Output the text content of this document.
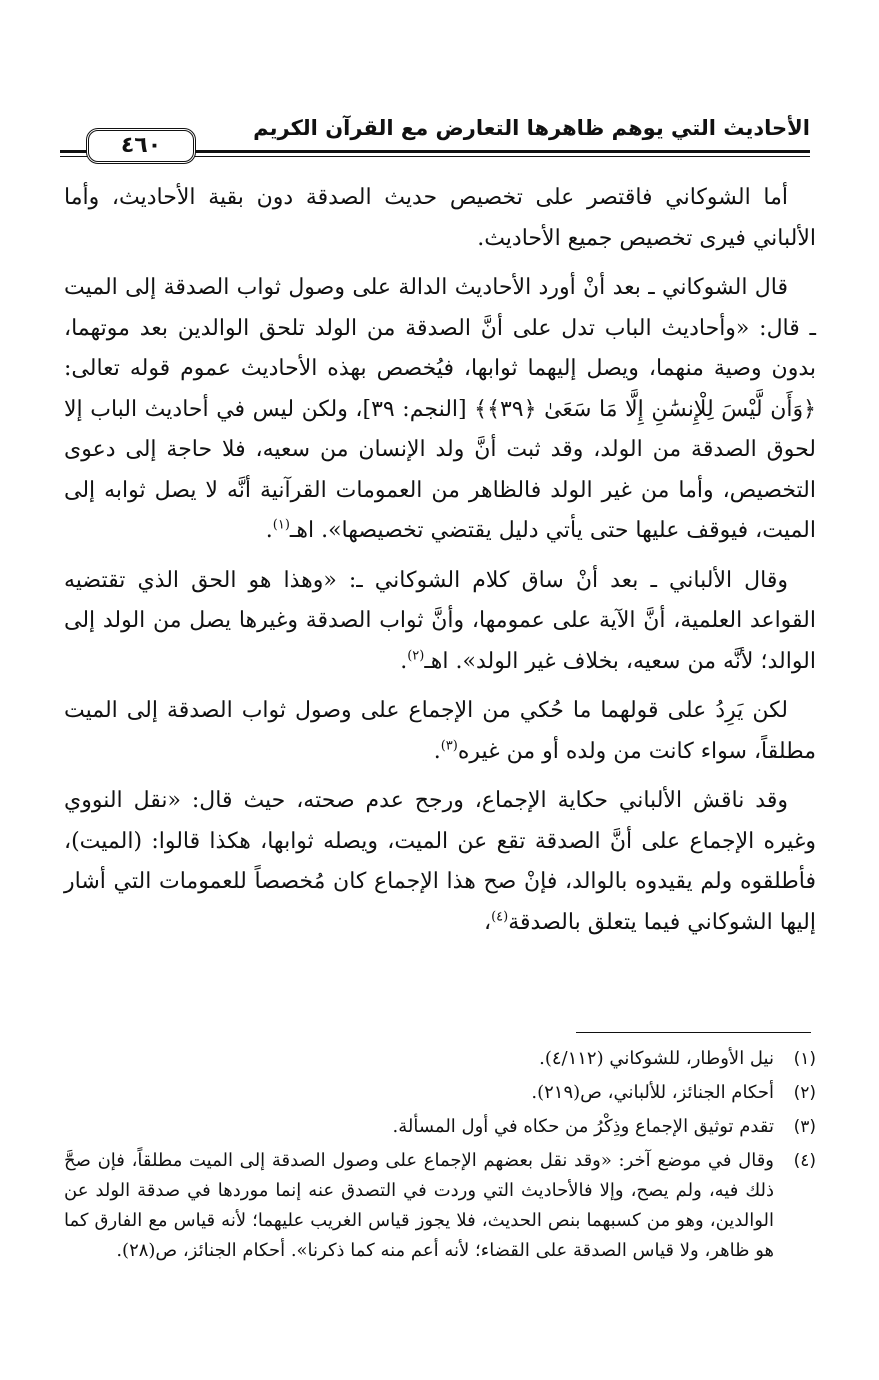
الأحاديث التي يوهم ظاهرها التعارض مع القرآن الكريم
٤٦٠

أما الشوكاني فاقتصر على تخصيص حديث الصدقة دون بقية الأحاديث، وأما الألباني فيرى تخصيص جميع الأحاديث.

قال الشوكاني ـ بعد أنْ أورد الأحاديث الدالة على وصول ثواب الصدقة إلى الميت ـ قال: «وأحاديث الباب تدل على أنَّ الصدقة من الولد تلحق الوالدين بعد موتهما، بدون وصية منهما، ويصل إليهما ثوابها، فيُخصص بهذه الأحاديث عموم قوله تعالى: ﴿وَأَن لَّيْسَ لِلْإِنسَٰنِ إِلَّا مَا سَعَىٰ ﴿٣٩﴾﴾ [النجم: ٣٩]، ولكن ليس في أحاديث الباب إلا لحوق الصدقة من الولد، وقد ثبت أنَّ ولد الإنسان من سعيه، فلا حاجة إلى دعوى التخصيص، وأما من غير الولد فالظاهر من العمومات القرآنية أنَّه لا يصل ثوابه إلى الميت، فيوقف عليها حتى يأتي دليل يقتضي تخصيصها». اهـ$^{(١)}$.

وقال الألباني ـ بعد أنْ ساق كلام الشوكاني ـ: «وهذا هو الحق الذي تقتضيه القواعد العلمية، أنَّ الآية على عمومها، وأنَّ ثواب الصدقة وغيرها يصل من الولد إلى الوالد؛ لأنَّه من سعيه، بخلاف غير الولد». اهـ$^{(٢)}$.

لكن يَرِدُ على قولهما ما حُكي من الإجماع على وصول ثواب الصدقة إلى الميت مطلقاً، سواء كانت من ولده أو من غيره$^{(٣)}$.

وقد ناقش الألباني حكاية الإجماع، ورجح عدم صحته، حيث قال: «نقل النووي وغيره الإجماع على أنَّ الصدقة تقع عن الميت، ويصله ثوابها، هكذا قالوا: (الميت)، فأطلقوه ولم يقيدوه بالوالد، فإنْ صح هذا الإجماع كان مُخصصاً للعمومات التي أشار إليها الشوكاني فيما يتعلق بالصدقة$^{(٤)}$،

(١)
نيل الأوطار، للشوكاني (٤/١١٢).
(٢)
أحكام الجنائز، للألباني، ص(٢١٩).
(٣)
تقدم توثيق الإجماع وذِكْرُ من حكاه في أول المسألة.
(٤)
وقال في موضع آخر: «وقد نقل بعضهم الإجماع على وصول الصدقة إلى الميت مطلقاً، فإن صحَّ ذلك فيه، ولم يصح، وإلا فالأحاديث التي وردت في التصدق عنه إنما موردها في صدقة الولد عن الوالدين، وهو من كسبهما بنص الحديث، فلا يجوز قياس الغريب عليهما؛ لأنه قياس مع الفارق كما هو ظاهر، ولا قياس الصدقة على القضاء؛ لأنه أعم منه كما ذكرنا». أحكام الجنائز، ص(٢٨).
